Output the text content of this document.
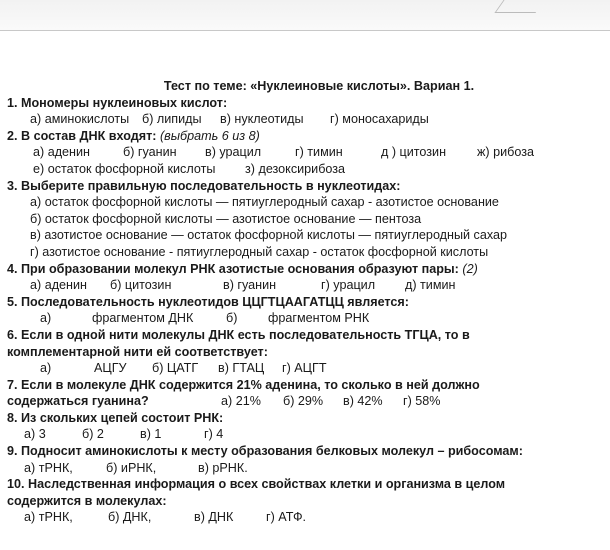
Тест по теме: «Нуклеиновые кислоты». Вариан 1.
1. Мономеры нуклеиновых кислот:
а) аминокислоты б) липиды в) нуклеотиды г) моносахариды
2. В состав ДНК входят: (выбрать 6 из 8)
а) аденин	б) гуанин в) урацил	г) тимин	д ) цитозин ж) рибоза
е) остаток фосфорной кислоты з) дезоксирибоза
3. Выберите правильную последовательность в нуклеотидах:
а) остаток фосфорной кислоты — пятиуглеродный сахар - азотистое основание
б) остаток фосфорной кислоты — азотистое основание — пентоза
в) азотистое основание — остаток фосфорной кислоты — пятиуглеродный сахар
г) азотистое основание - пятиуглеродный сахар - остаток фосфорной кислоты
4. При образовании молекул РНК азотистые основания образуют пары: (2)
а) аденин б) цитозин	в) гуанин	г) урацил д) тимин
5. Последовательность нуклеотидов ЦЦГТЦААГАТЦЦ является:
а)	фрагментом ДНК	б) фрагментом РНК
6. Если в одной нити молекулы ДНК есть последовательность ТГЦА, то в
комплементарной нити ей соответствует:
а)	АЦГУ б) ЦАТГ в) ГТАЦ г) АЦГТ
7. Если в молекуле ДНК содержится 21% аденина, то сколько в ней должно
содержаться гуанина?	а) 21% б) 29% в) 42% г) 58%
8. Из скольких цепей состоит РНК:
а) 3	б) 2	в) 1	г) 4
9. Подносит аминокислоты к месту образования белковых молекул – рибосомам:
а) тРНК,	б) иРНК,	в) рРНК.
10. Наследственная информация о всех свойствах клетки и организма в целом
содержится в молекулах:
а) тРНК,	б) ДНК,	в) ДНК	г) АТФ.
